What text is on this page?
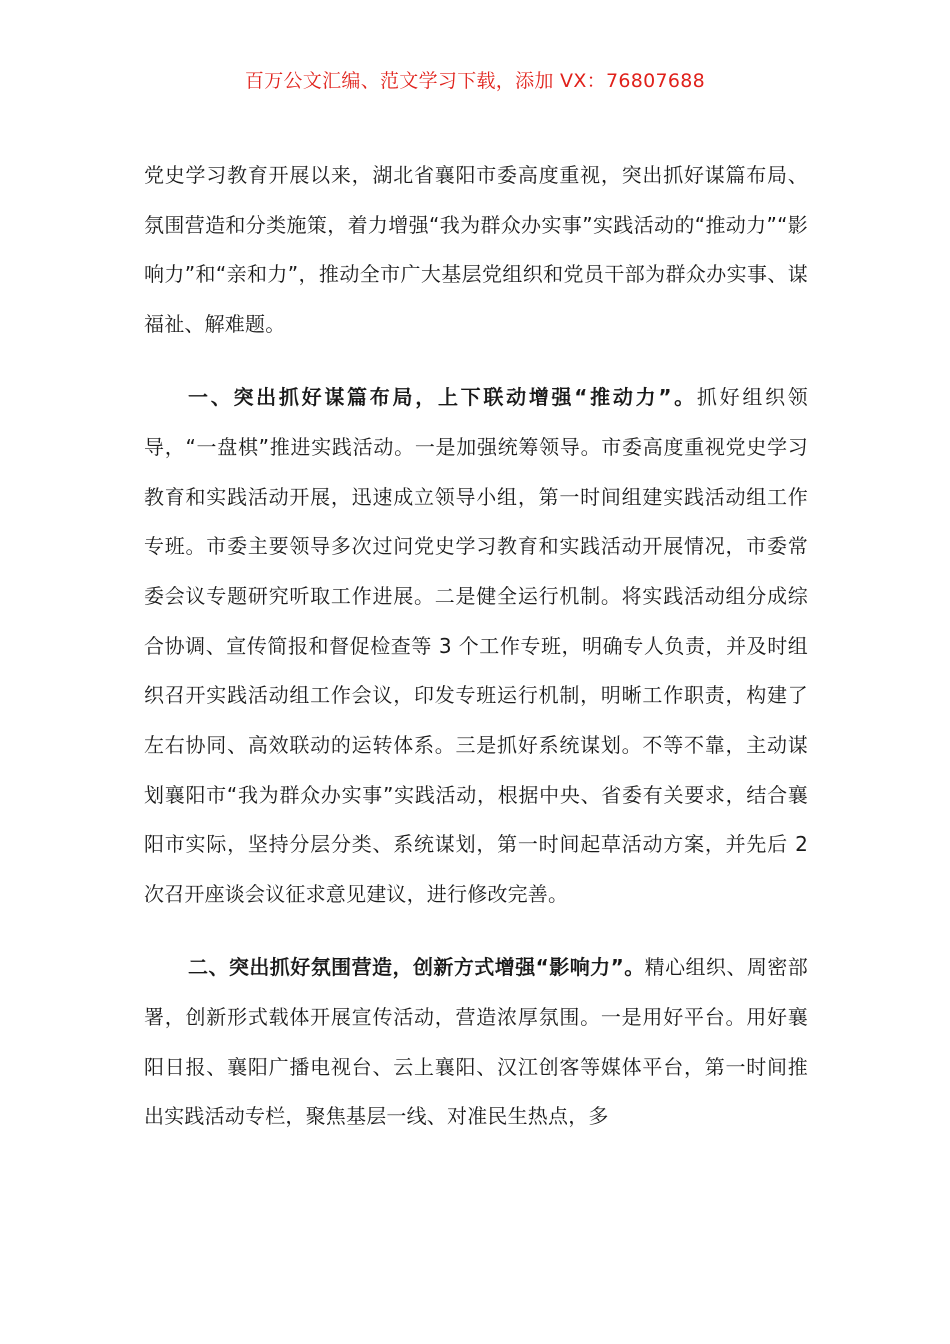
百万公文汇编、范文学习下载，添加 VX：76807688

党史学习教育开展以来，湖北省襄阳市委高度重视，突出抓好谋篇布局、氛围营造和分类施策，着力增强“我为群众办实事”实践活动的“推动力”“影响力”和“亲和力”，推动全市广大基层党组织和党员干部为群众办实事、谋福祉、解难题。

一、突出抓好谋篇布局，上下联动增强“推动力”。抓好组织领导，“一盘棋”推进实践活动。一是加强统筹领导。市委高度重视党史学习教育和实践活动开展，迅速成立领导小组，第一时间组建实践活动组工作专班。市委主要领导多次过问党史学习教育和实践活动开展情况，市委常委会议专题研究听取工作进展。二是健全运行机制。将实践活动组分成综合协调、宣传简报和督促检查等 3 个工作专班，明确专人负责，并及时组织召开实践活动组工作会议，印发专班运行机制，明晰工作职责，构建了左右协同、高效联动的运转体系。三是抓好系统谋划。不等不靠，主动谋划襄阳市“我为群众办实事”实践活动，根据中央、省委有关要求，结合襄阳市实际，坚持分层分类、系统谋划，第一时间起草活动方案，并先后 2 次召开座谈会议征求意见建议，进行修改完善。

二、突出抓好氛围营造，创新方式增强“影响力”。精心组织、周密部署，创新形式载体开展宣传活动，营造浓厚氛围。一是用好平台。用好襄阳日报、襄阳广播电视台、云上襄阳、汉江创客等媒体平台，第一时间推出实践活动专栏，聚焦基层一线、对准民生热点，多
